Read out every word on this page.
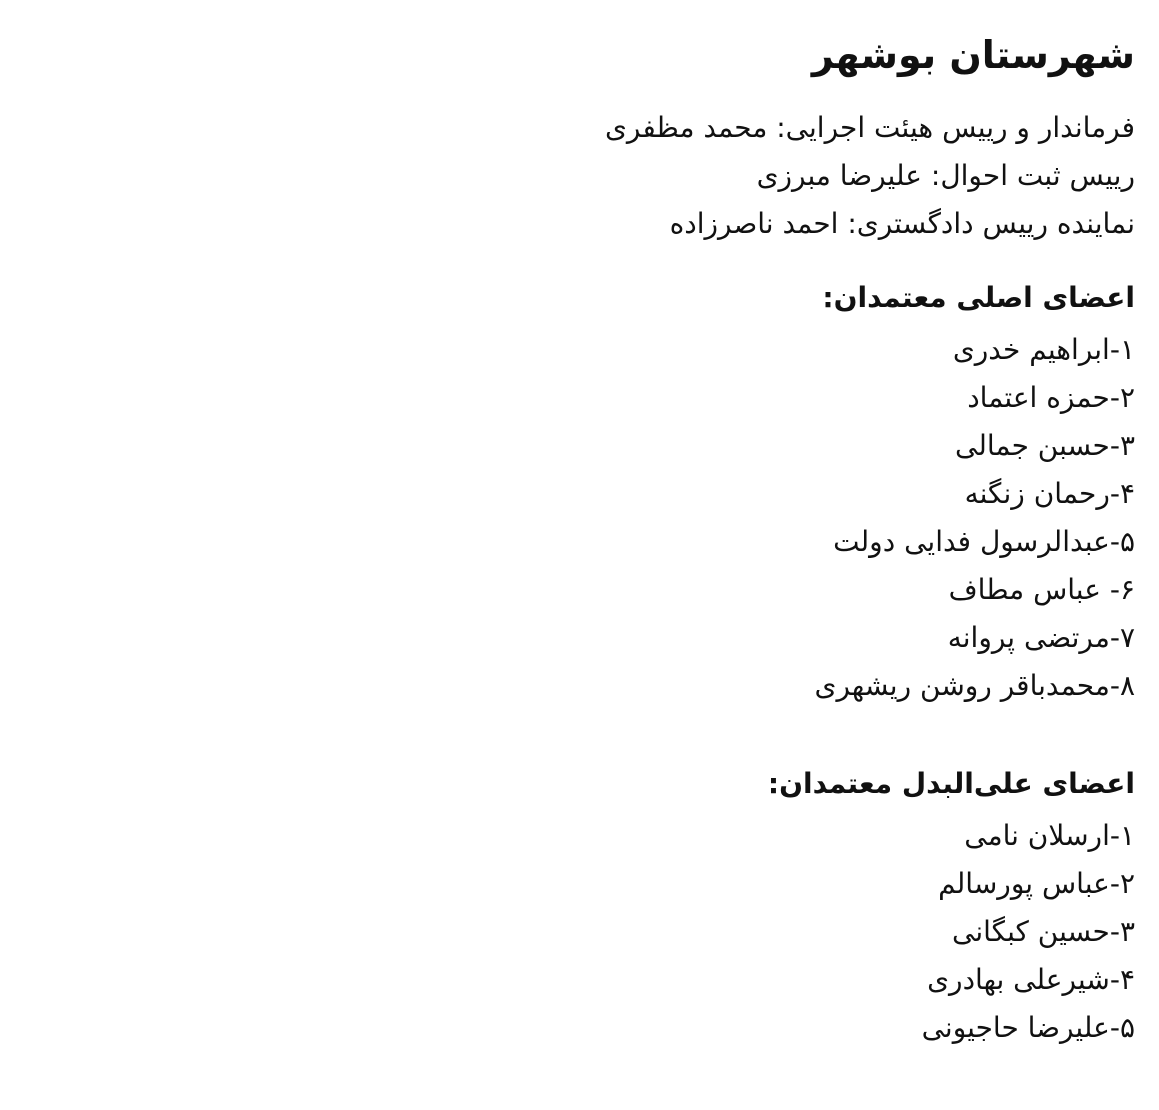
شهرستان بوشهر
فرماندار و ریيس هیئت اجرایی: محمد مظفری
رييس ثبت احوال: علیرضا مبرزی
نماینده رييس دادگستری: احمد ناصرزاده
اعضای اصلی معتمدان:
۱-ابراهیم خدری
۲-حمزه اعتماد
۳-حسبن جمالی
۴-رحمان زنگنه
۵-عبدالرسول فدایی دولت
۶- عباس مطاف
۷-مرتضی پروانه
۸-محمدباقر روشن ریشهری
اعضای علی‌البدل معتمدان:
۱-ارسلان نامی
۲-عباس پورسالم
۳-حسین کبگانی
۴-شیرعلی بهادری
۵-علیرضا حاجیونی
